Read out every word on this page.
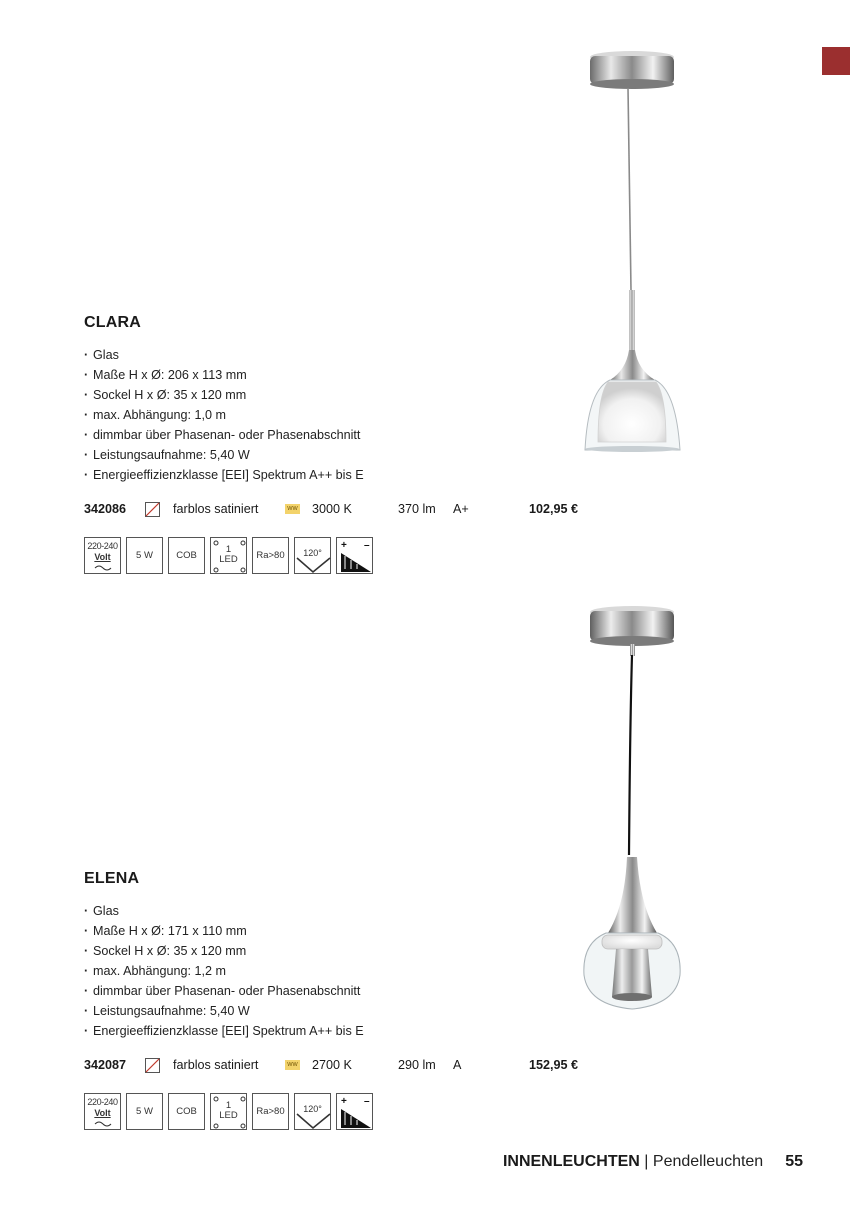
CLARA
· Glas
· Maße H x Ø: 206 x 113 mm
· Sockel H x Ø: 35 x 120 mm
· max. Abhängung: 1,0 m
· dimmbar über Phasenan- oder Phasenabschnitt
· Leistungsaufnahme: 5,40 W
· Energieeffizienzklasse [EEI] Spektrum A++ bis E
342086	farblos satiniert	WW 3000 K	370 lm A+	102,95 €
220-240
Volt	5 W	COB
1
LED	Ra>80	120°
+ –
ELENA
· Glas
· Maße H x Ø: 171 x 110 mm
· Sockel H x Ø: 35 x 120 mm
· max. Abhängung: 1,2 m
· dimmbar über Phasenan- oder Phasenabschnitt
· Leistungsaufnahme: 5,40 W
· Energieeffizienzklasse [EEI] Spektrum A++ bis E
342087	farblos satiniert	WW 2700 K	290 lm A	152,95 €
220-240
Volt	5 W	COB
1
LED	Ra>80	120°
+ –
INNENLEUCHTEN | Pendelleuchten 55
